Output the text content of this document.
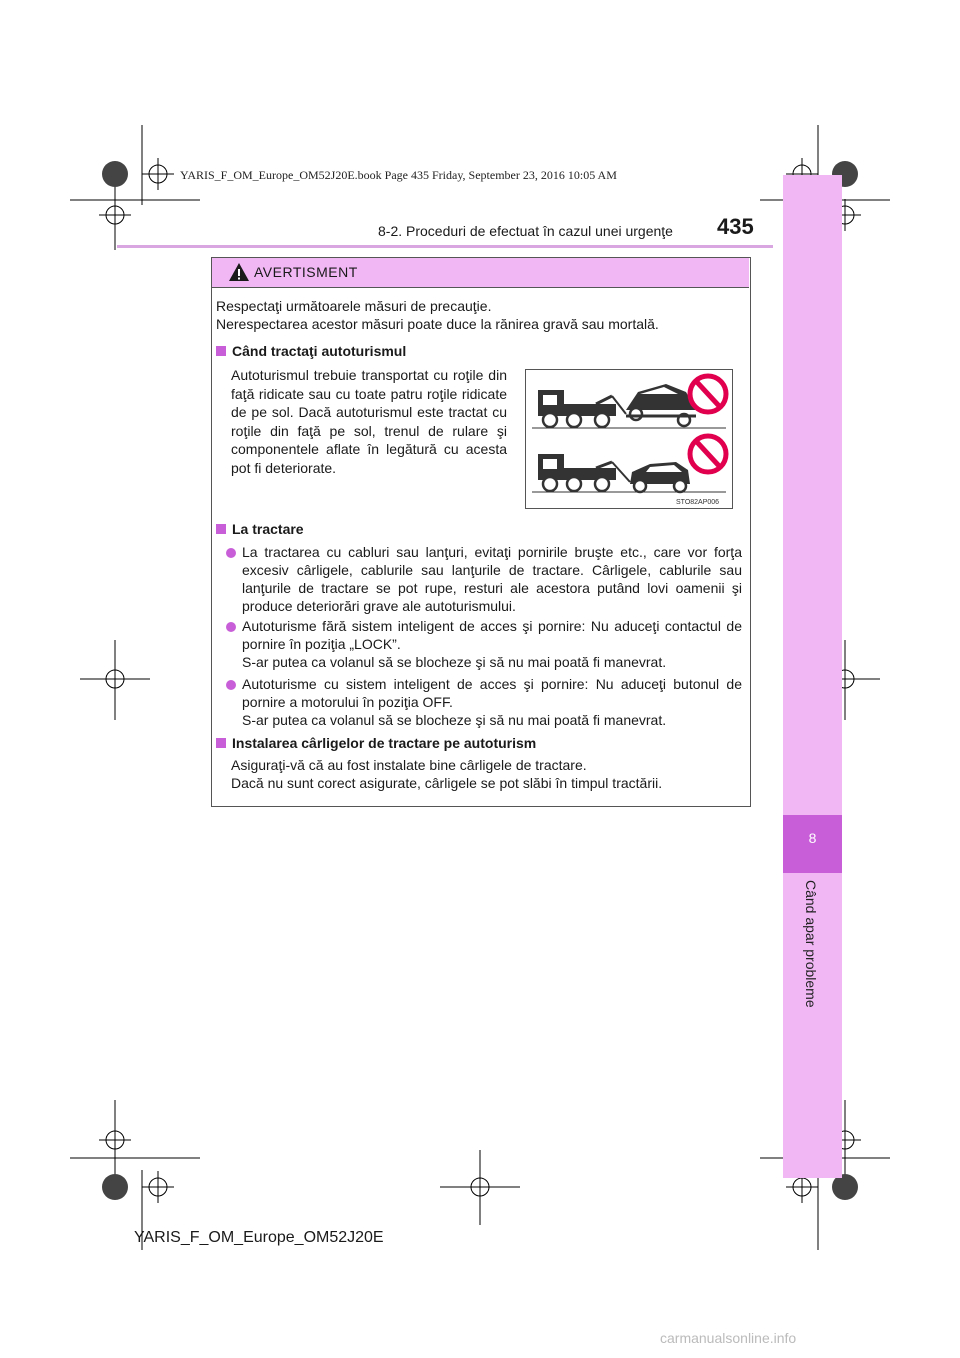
YARIS_F_OM_Europe_OM52J20E.book Page 435 Friday, September 23, 2016 10:05 AM
8
Când apar probleme
8-2. Proceduri de efectuat în cazul unei urgenţe 435
AVERTISMENT

Respectaţi următoarele măsuri de precauţie.

Nerespectarea acestor măsuri poate duce la rănirea gravă sau mortală.

Când tractaţi autoturismul
Autoturismul trebuie transportat cu roţile din faţă ridicate sau cu toate patru roţile ridicate de pe sol. Dacă autoturismul este tractat cu roţile din faţă pe sol, trenul de rulare şi componentele aflate în legătură cu acesta pot fi deteriorate.
STO82AP006
La tractare
La tractarea cu cabluri sau lanţuri, evitaţi pornirile bruşte etc., care vor forţa excesiv cârligele, cablurile sau lanţurile de tractare. Cârligele, cablurile sau lanţurile de tractare se pot rupe, resturi ale acestora putând lovi oamenii şi produce deteriorări grave ale autoturismului.

Autoturisme fără sistem inteligent de acces şi pornire: Nu aduceţi contactul de pornire în poziţia „LOCK”.

S-ar putea ca volanul să se blocheze şi să nu mai poată fi manevrat.

Autoturisme cu sistem inteligent de acces şi pornire: Nu aduceţi butonul de pornire a motorului în poziţia OFF.

S-ar putea ca volanul să se blocheze şi să nu mai poată fi manevrat.

Instalarea cârligelor de tractare pe autoturism

Asiguraţi-vă că au fost instalate bine cârligele de tractare.

Dacă nu sunt corect asigurate, cârligele se pot slăbi în timpul tractării.

YARIS_F_OM_Europe_OM52J20E
carmanualsonline.info
